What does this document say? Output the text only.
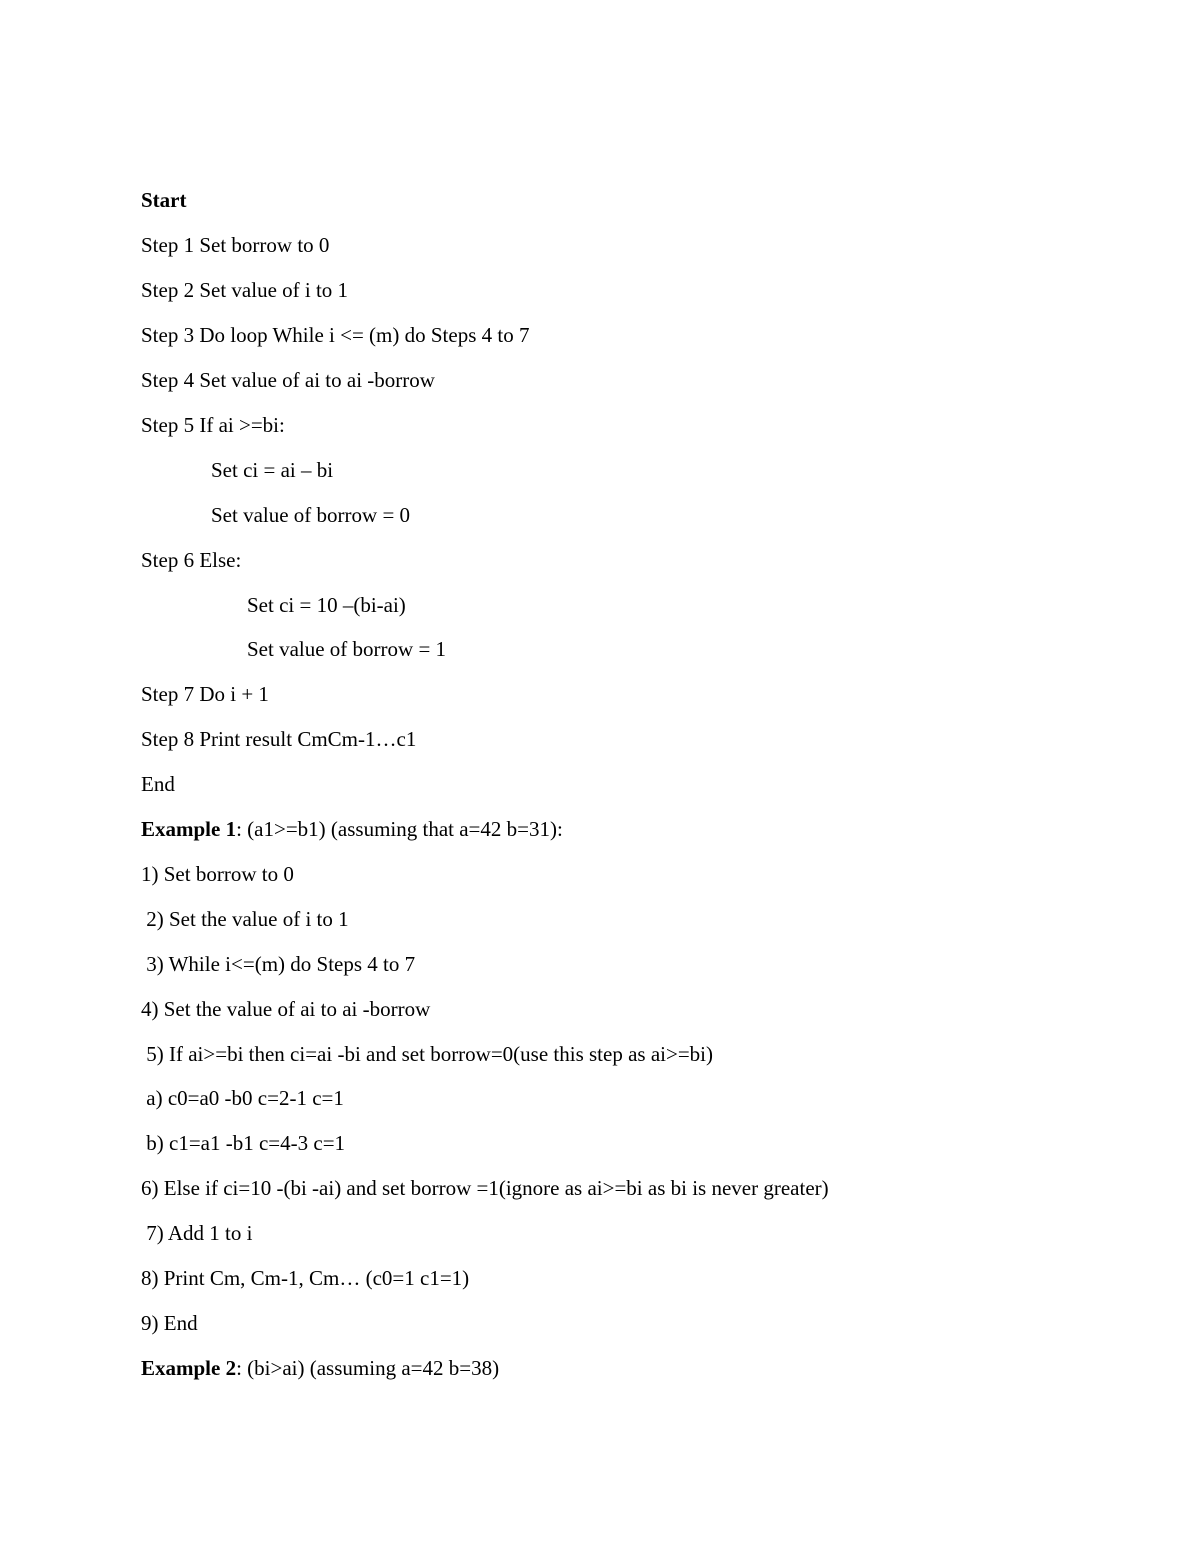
Start
Step 1 Set borrow to 0
Step 2 Set value of i to 1
Step 3 Do loop While i <= (m) do Steps 4 to 7
Step 4 Set value of ai to ai -borrow
Step 5 If ai >=bi:
Set ci = ai – bi
Set value of borrow = 0
Step 6 Else:
Set ci = 10 –(bi-ai)
Set value of borrow = 1
Step 7 Do i + 1
Step 8 Print result CmCm-1…c1
End
Example 1: (a1>=b1) (assuming that a=42 b=31):
1) Set borrow to 0
2) Set the value of i to 1
3) While i<=(m) do Steps 4 to 7
4) Set the value of ai to ai -borrow
5) If ai>=bi then ci=ai -bi and set borrow=0(use this step as ai>=bi)
a) c0=a0 -b0 c=2-1 c=1
b) c1=a1 -b1 c=4-3 c=1
6) Else if ci=10 -(bi -ai) and set borrow =1(ignore as ai>=bi as bi is never greater)
7) Add 1 to i
8) Print Cm, Cm-1, Cm… (c0=1 c1=1)
9) End
Example 2: (bi>ai) (assuming a=42 b=38)
